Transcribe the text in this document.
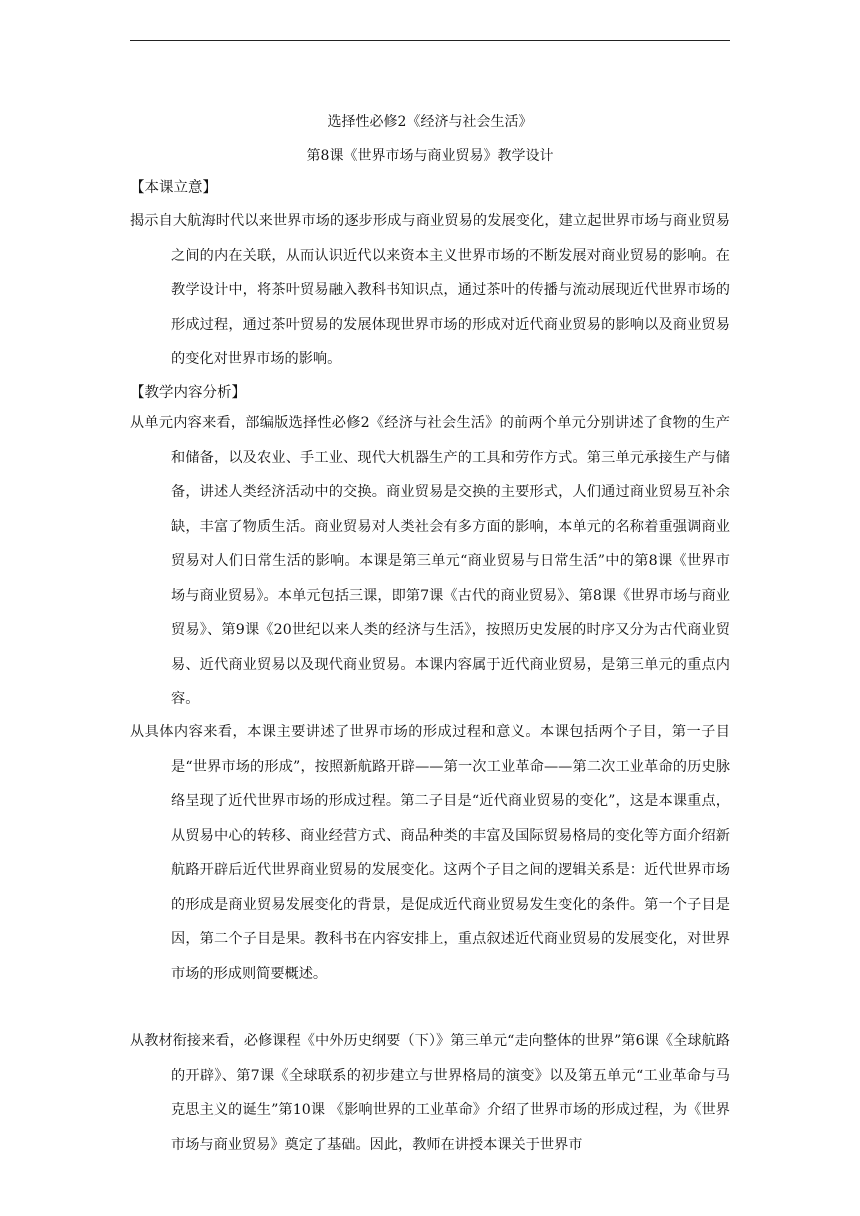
选择性必修2《经济与社会生活》
第8课《世界市场与商业贸易》教学设计
【本课立意】
揭示自大航海时代以来世界市场的逐步形成与商业贸易的发展变化，建立起世界市场与商业贸易之间的内在关联，从而认识近代以来资本主义世界市场的不断发展对商业贸易的影响。在教学设计中，将茶叶贸易融入教科书知识点，通过茶叶的传播与流动展现近代世界市场的形成过程，通过茶叶贸易的发展体现世界市场的形成对近代商业贸易的影响以及商业贸易的变化对世界市场的影响。
【教学内容分析】
从单元内容来看，部编版选择性必修2《经济与社会生活》的前两个单元分别讲述了食物的生产和储备，以及农业、手工业、现代大机器生产的工具和劳作方式。第三单元承接生产与储备，讲述人类经济活动中的交换。商业贸易是交换的主要形式，人们通过商业贸易互补余缺，丰富了物质生活。商业贸易对人类社会有多方面的影响，本单元的名称着重强调商业贸易对人们日常生活的影响。本课是第三单元“商业贸易与日常生活”中的第8课《世界市场与商业贸易》。本单元包括三课，即第7课《古代的商业贸易》、第8课《世界市场与商业贸易》、第9课《20世纪以来人类的经济与生活》，按照历史发展的时序又分为古代商业贸易、近代商业贸易以及现代商业贸易。本课内容属于近代商业贸易，是第三单元的重点内容。
从具体内容来看，本课主要讲述了世界市场的形成过程和意义。本课包括两个子目，第一子目是“世界市场的形成”，按照新航路开辟——第一次工业革命——第二次工业革命的历史脉络呈现了近代世界市场的形成过程。第二子目是“近代商业贸易的变化”，这是本课重点，从贸易中心的转移、商业经营方式、商品种类的丰富及国际贸易格局的变化等方面介绍新航路开辟后近代世界商业贸易的发展变化。这两个子目之间的逻辑关系是：近代世界市场的形成是商业贸易发展变化的背景，是促成近代商业贸易发生变化的条件。第一个子目是因，第二个子目是果。教科书在内容安排上，重点叙述近代商业贸易的发展变化，对世界市场的形成则简要概述。
从教材衔接来看，必修课程《中外历史纲要（下）》第三单元“走向整体的世界”第6课《全球航路的开辟》、第7课《全球联系的初步建立与世界格局的演变》以及第五单元“工业革命与马克思主义的诞生”第10课 《影响世界的工业革命》介绍了世界市场的形成过程，为《世界市场与商业贸易》奠定了基础。因此，教师在讲授本课关于世界市
